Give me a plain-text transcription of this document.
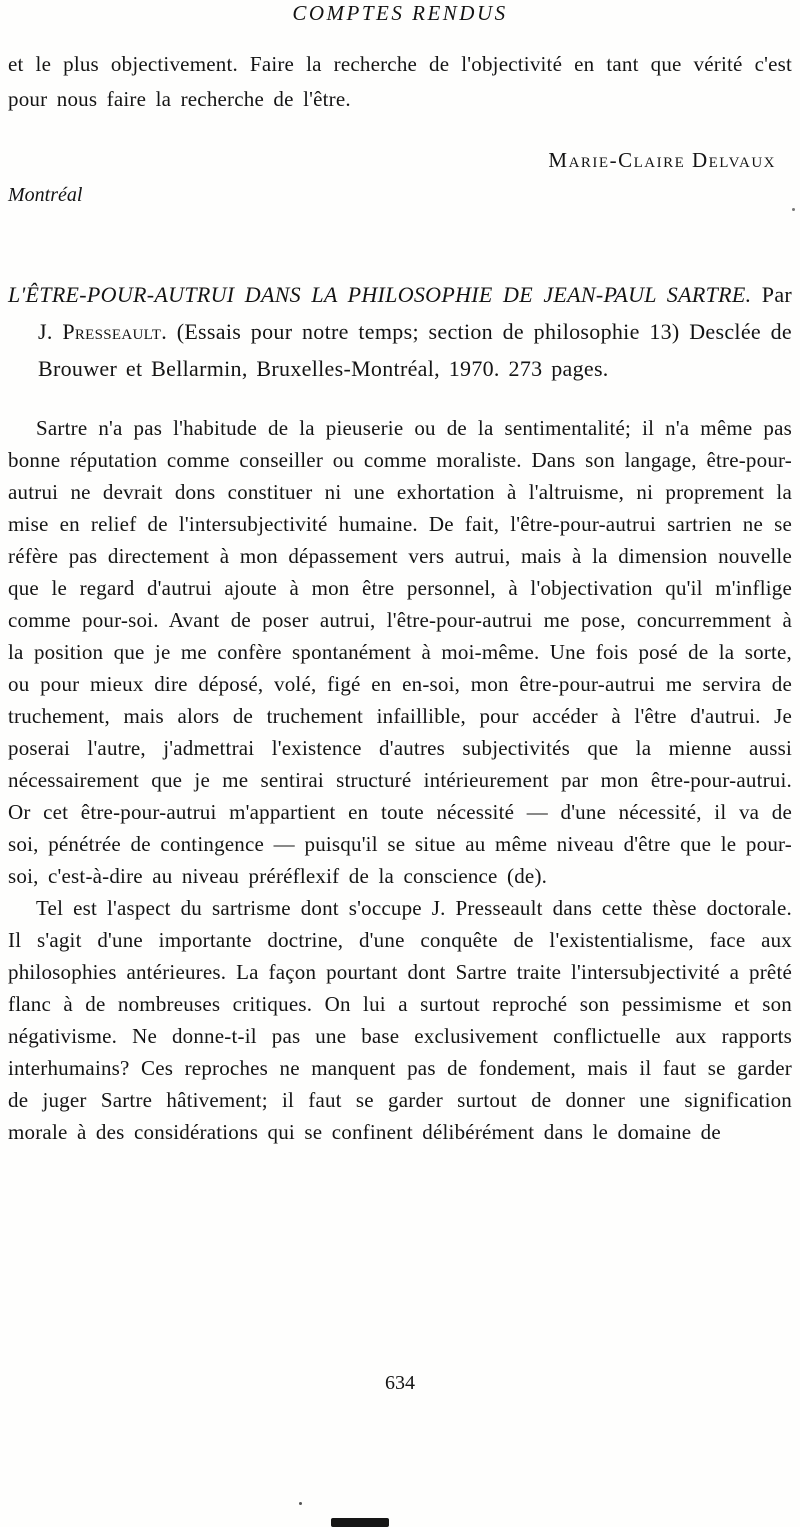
COMPTES RENDUS

et le plus objectivement. Faire la recherche de l'objectivité en tant que vérité c'est pour nous faire la recherche de l'être.

Marie-Claire Delvaux
Montréal

L'ÊTRE-POUR-AUTRUI DANS LA PHILOSOPHIE DE JEAN-PAUL SARTRE. Par J. Presseault. (Essais pour notre temps; section de philosophie 13) Desclée de Brouwer et Bellarmin, Bruxelles-Montréal, 1970. 273 pages.

Sartre n'a pas l'habitude de la pieuserie ou de la sentimentalité; il n'a même pas bonne réputation comme conseiller ou comme moraliste. Dans son langage, être-pour-autrui ne devrait dons constituer ni une exhortation à l'altruisme, ni proprement la mise en relief de l'intersubjectivité humaine. De fait, l'être-pour-autrui sartrien ne se réfère pas directement à mon dépassement vers autrui, mais à la dimension nouvelle que le regard d'autrui ajoute à mon être personnel, à l'objectivation qu'il m'inflige comme pour-soi. Avant de poser autrui, l'être-pour-autrui me pose, concurremment à la position que je me confère spontanément à moi-même. Une fois posé de la sorte, ou pour mieux dire déposé, volé, figé en en-soi, mon être-pour-autrui me servira de truchement, mais alors de truchement infaillible, pour accéder à l'être d'autrui. Je poserai l'autre, j'admettrai l'existence d'autres subjectivités que la mienne aussi nécessairement que je me sentirai structuré intérieurement par mon être-pour-autrui. Or cet être-pour-autrui m'appartient en toute nécessité — d'une nécessité, il va de soi, pénétrée de contingence — puisqu'il se situe au même niveau d'être que le pour-soi, c'est-à-dire au niveau préréflexif de la conscience (de).

Tel est l'aspect du sartrisme dont s'occupe J. Presseault dans cette thèse doctorale. Il s'agit d'une importante doctrine, d'une conquête de l'existentialisme, face aux philosophies antérieures. La façon pourtant dont Sartre traite l'intersubjectivité a prêté flanc à de nombreuses critiques. On lui a surtout reproché son pessimisme et son négativisme. Ne donne-t-il pas une base exclusivement conflictuelle aux rapports interhumains? Ces reproches ne manquent pas de fondement, mais il faut se garder de juger Sartre hâtivement; il faut se garder surtout de donner une signification morale à des considérations qui se confinent délibérément dans le domaine de

634
